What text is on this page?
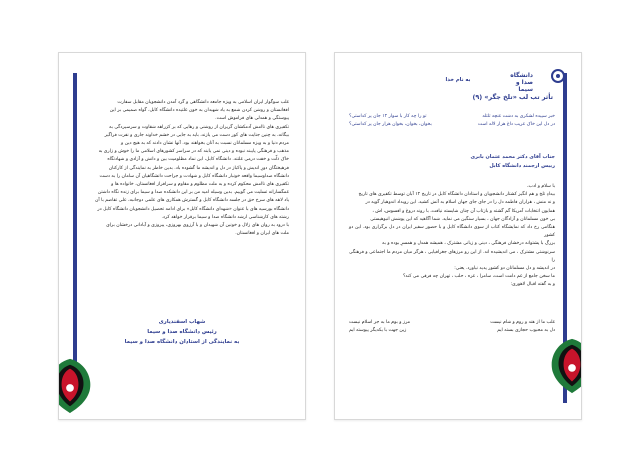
غلب سوگوار ایران اسلامی به ویژه جامعه دانشگاهی و گرد آمدن دانشجویان مقابل سفارت
افغانستان و روشن کردن شمع به یاد شهیدان به خون غلتیده دانشگاه کابل، گواه صمیمی بر این
پیوستگی و همدلی های فراموش است.
تکفیری های ناامش آدمکشان گریزان از روشنی و رهایی که بر کژراهه شقاوت و سرسپردگی به
بیگانه، به چنین جنایت های کور دست می یازند، باید به جایی در خشم خداوند جاری و نفرت فراگیر
مردم دنیا و به ویژه مسلمانان نسبت به آنان بخواهند بود. آنها نشان دادند که به هیچ دین و
مذهب و فرهنگی پایبند نبوده و دینی نمی یابند که در سراسر کشورهای اسلامی ما را خوش و زاری به
خاک ذلّت و خفت درمی غلتند. دانشگاه کابل، این نماد مظلومیت بین و دانش و آزادی و شهادتگاه
فرهیختگان دورِ اندیش و پاکباز در دل و اندیشه ما گشوده باد. بدین خاطر به نمایندگی از کارکنان
دانشگاه صداوسیما واقعه خونبار دانشگاه کابل و شهادت و جراحت دانشگاهیان آن سامان را به دست
تکفیری های ناامش محکوم کرده و به ملت مظلوم و مقاوم و سرافراز افغانستان، خانواده ها و
غمگسارانه تسلیت می گوییم. بدین وسیله امید من بر این دانشکده صدا و سیما برای زنده نگاه داشتن
یاد لاهه های سرخ حق در جلسه دانشگاه کابل و گسترش همکاری های علمی دوجانبه، علی تقاضم با آن
دانشگاه بورسیه های با عنوان «شهدای دانشگاه کابل» برای ادامه تحصیل دانشجویان دانشگاه کابل در
رشته های کارشناسی ارشد دانشگاه صدا و سیما برقرار خواهد کرد.
با درود به روان های زلال و خونین آن شهیدان و با آرزوی بهروزی، پیروزی و آبادانی درخشان برای
ملت های ایران و افغانستان.
شهاب اسفندیاری
رئیس دانشگاه صدا و سیما
به نمایندگی از استادان دانشگاه صدا و سیما
دانشگاه صدا و سیما
به نام خدا
تأثر تب لب «تلخ جگر» (۹)
خبر سپیده لشکری به دشت غنچه ثلثله
تو را چه کار با سوار ۱۲ جان پر کداستی؟
در دل این خاک غریب داغ هزار لاله است
بخوان، بخوان، بخوان هزار جان پر کداستی؟
جناب آقای دکتر محمد عثمان بابری
رییس ارجمند دانشگاه کابل
با سلام و ادب،
بیدادِ تلخ و هم انگیز کشتار دانشجویان و استادان دانشگاه کابل در تاریخ ۱۲ آبان توسط تکفیری های تاریخ
و نه منش ، هزاران فاطمه دل را در جای جای جهان اسلام به آتش کشید. این رویداد اندوهبار گویه در
همایون انتخابات آمریکا گم گشته و بازتاب آن چنان شایسته نیافت، با روند دروغ و افسوس، اش ،
بی خون مسلمانان و آزادگان جهان ، بسیار سنگین می نماید. شما آگاهید که این پوشش انبوهیستی
هنگامی رخ داد که نمایشگاه کتاب از سوی دانشگاه کابل و با حضور سفیر ایران در دل برگزاری بود. این دو کشور
بزرگ با پشتوانه درخشان فرهنگی ، دینی و زبانی مشترک ، همیشه همدل و همسرِ بوده و به
سرنوشتی مشترک ، می اندیشیده اند. از این رو مرزهای جغرافیایی ، هرگز میان مردم ما اجتماعی و فرهنگی را
در اندیشه و دل مسلمانان دو کشور پدید نیاورد. یعنی:
ما سخن جامع از غم دامت است، سامرا ، غزه ، حلب ، تهران چه فرقی می کند؟
و به گفته اقبال لاهوری:
غلب ما از هند و روم و شام نیست
مرز و بوم ما به جز اسلام نیست
دل به محبوب حجازی بسته ایم
زین جهت با یکدیگر پیوسته ایم
